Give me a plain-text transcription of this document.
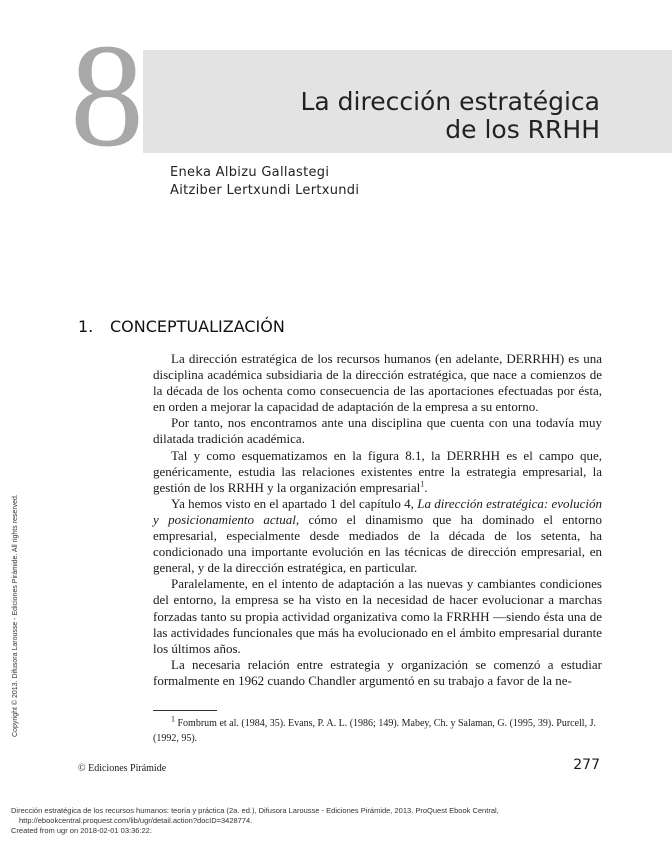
8	La dirección estratégica
de los RRHH
Eneka Albizu Gallastegi
Aitziber Lertxundi Lertxundi
1. CONCEPTUALIZACIÓN

La dirección estratégica de los recursos humanos (en adelante, DERRHH) es una disciplina académica subsidiaria de la dirección estratégica, que nace a comienzos de la década de los ochenta como consecuencia de las aportaciones efectuadas por ésta, en orden a mejorar la capacidad de adaptación de la empresa a su entorno.

Por tanto, nos encontramos ante una disciplina que cuenta con una todavía muy dilatada tradición académica.

Tal y como esquematizamos en la figura 8.1, la DERRHH es el campo que, genéricamente, estudia las relaciones existentes entre la estrategia empresarial, la gestión de los RRHH y la organización empresarial$^1$.

Ya hemos visto en el apartado 1 del capítulo 4, La dirección estratégica: evolución y posicionamiento actual, cómo el dinamismo que ha dominado el entorno empresarial, especialmente desde mediados de la década de los setenta, ha condicionado una importante evolución en las técnicas de dirección empresarial, en general, y de la dirección estratégica, en particular.

Paralelamente, en el intento de adaptación a las nuevas y cambiantes condiciones del entorno, la empresa se ha visto en la necesidad de hacer evolucionar a marchas forzadas tanto su propia actividad organizativa como la FRRHH —siendo ésta una de las actividades funcionales que más ha evolucionado en el ámbito empresarial durante los últimos años.

La necesaria relación entre estrategia y organización se comenzó a estudiar formalmente en 1962 cuando Chandler argumentó en su trabajo a favor de la ne-

$^1$ Fombrum et al. (1984, 35). Evans, P. A. L. (1986; 149). Mabey, Ch. y Salaman, G. (1995, 39). Purcell, J. (1992, 95).
© Ediciones Pirámide	277
Copyright © 2013. Difusora Larousse - Ediciones Pirámide. All rights reserved.
Dirección estratégica de los recursos humanos: teoría y práctica (2a. ed.), Difusora Larousse - Ediciones Pirámide, 2013. ProQuest Ebook Central,
http://ebookcentral.proquest.com/lib/ugr/detail.action?docID=3428774.
Created from ugr on 2018-02-01 03:36:22.
